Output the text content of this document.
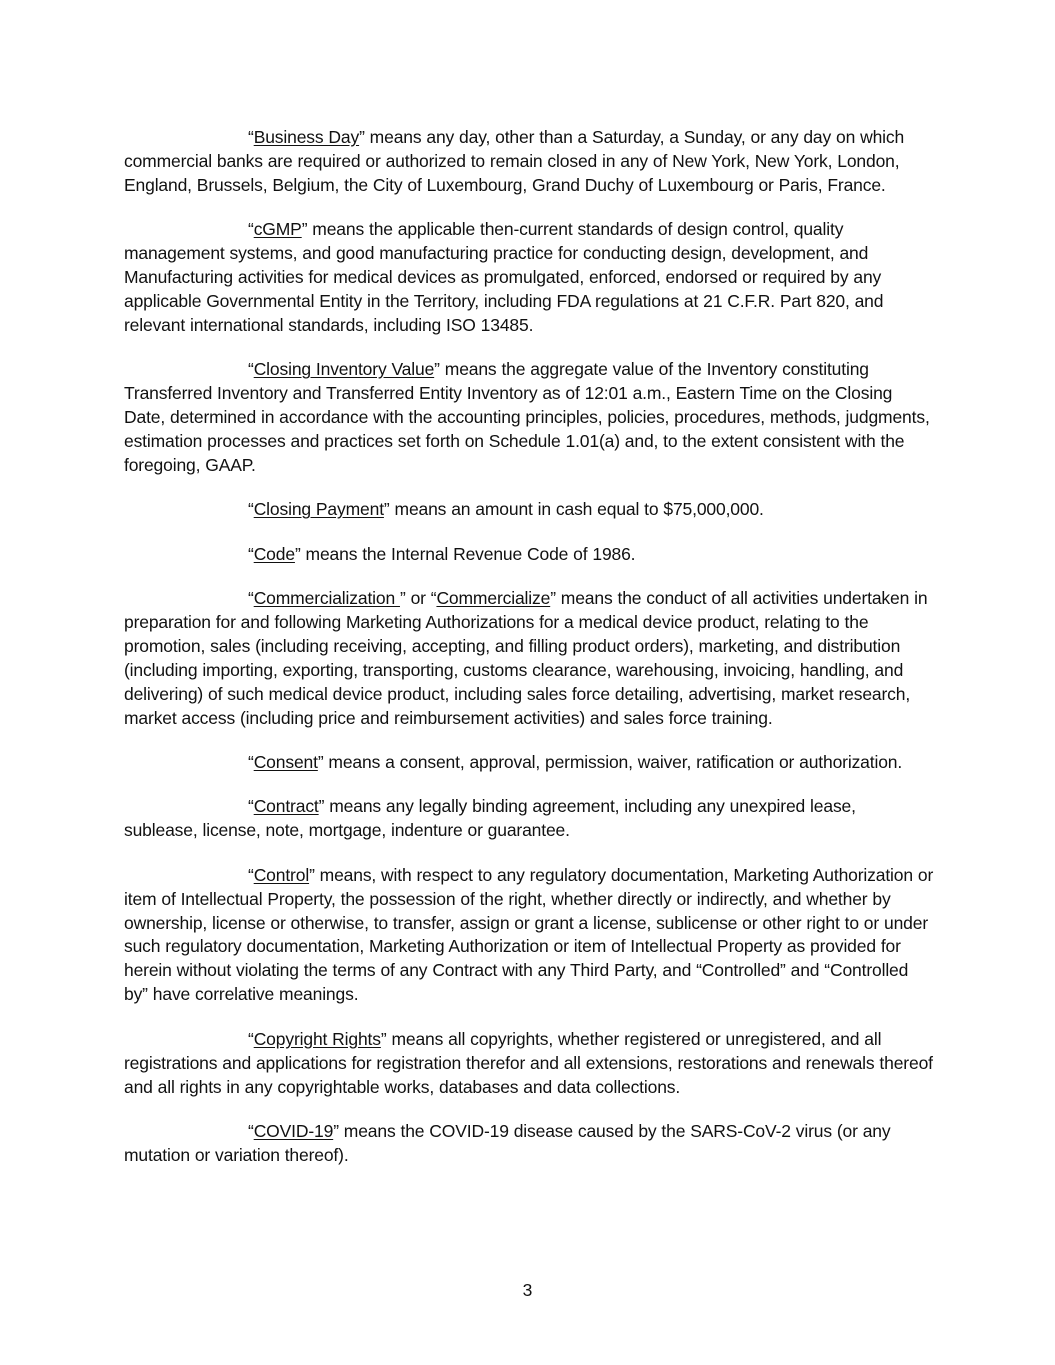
“Business Day” means any day, other than a Saturday, a Sunday, or any day on which commercial banks are required or authorized to remain closed in any of New York, New York, London, England, Brussels, Belgium, the City of Luxembourg, Grand Duchy of Luxembourg or Paris, France.

“cGMP” means the applicable then-current standards of design control, quality management systems, and good manufacturing practice for conducting design, development, and Manufacturing activities for medical devices as promulgated, enforced, endorsed or required by any applicable Governmental Entity in the Territory, including FDA regulations at 21 C.F.R. Part 820, and relevant international standards, including ISO 13485.

“Closing Inventory Value” means the aggregate value of the Inventory constituting Transferred Inventory and Transferred Entity Inventory as of 12:01 a.m., Eastern Time on the Closing Date, determined in accordance with the accounting principles, policies, procedures, methods, judgments, estimation processes and practices set forth on Schedule 1.01(a) and, to the extent consistent with the foregoing, GAAP.

“Closing Payment” means an amount in cash equal to $75,000,000.

“Code” means the Internal Revenue Code of 1986.

“Commercialization ” or “Commercialize” means the conduct of all activities undertaken in preparation for and following Marketing Authorizations for a medical device product, relating to the promotion, sales (including receiving, accepting, and filling product orders), marketing, and distribution (including importing, exporting, transporting, customs clearance, warehousing, invoicing, handling, and delivering) of such medical device product, including sales force detailing, advertising, market research, market access (including price and reimbursement activities) and sales force training.

“Consent” means a consent, approval, permission, waiver, ratification or authorization.

“Contract” means any legally binding agreement, including any unexpired lease, sublease, license, note, mortgage, indenture or guarantee.

“Control” means, with respect to any regulatory documentation, Marketing Authorization or item of Intellectual Property, the possession of the right, whether directly or indirectly, and whether by ownership, license or otherwise, to transfer, assign or grant a license, sublicense or other right to or under such regulatory documentation, Marketing Authorization or item of Intellectual Property as provided for herein without violating the terms of any Contract with any Third Party, and “Controlled” and “Controlled by” have correlative meanings.

“Copyright Rights” means all copyrights, whether registered or unregistered, and all registrations and applications for registration therefor and all extensions, restorations and renewals thereof and all rights in any copyrightable works, databases and data collections.

“COVID-19” means the COVID-19 disease caused by the SARS-CoV-2 virus (or any mutation or variation thereof).

3
